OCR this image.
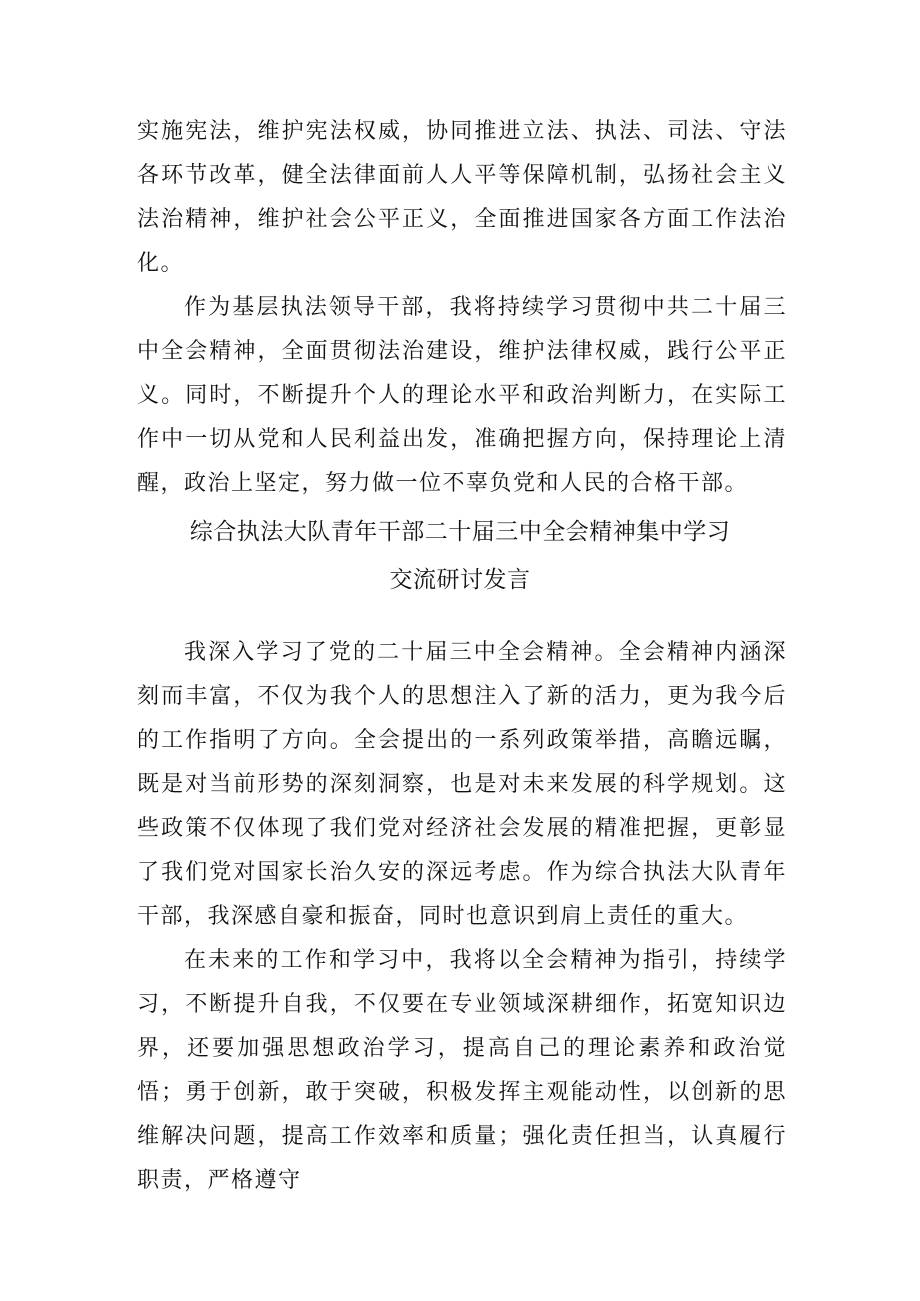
实施宪法，维护宪法权威，协同推进立法、执法、司法、守法各环节改革，健全法律面前人人平等保障机制，弘扬社会主义法治精神，维护社会公平正义，全面推进国家各方面工作法治化。

作为基层执法领导干部，我将持续学习贯彻中共二十届三中全会精神，全面贯彻法治建设，维护法律权威，践行公平正义。同时，不断提升个人的理论水平和政治判断力，在实际工作中一切从党和人民利益出发，准确把握方向，保持理论上清醒，政治上坚定，努力做一位不辜负党和人民的合格干部。

综合执法大队青年干部二十届三中全会精神集中学习
交流研讨发言

我深入学习了党的二十届三中全会精神。全会精神内涵深刻而丰富，不仅为我个人的思想注入了新的活力，更为我今后的工作指明了方向。全会提出的一系列政策举措，高瞻远瞩，既是对当前形势的深刻洞察，也是对未来发展的科学规划。这些政策不仅体现了我们党对经济社会发展的精准把握，更彰显了我们党对国家长治久安的深远考虑。作为综合执法大队青年干部，我深感自豪和振奋，同时也意识到肩上责任的重大。

在未来的工作和学习中，我将以全会精神为指引，持续学习，不断提升自我，不仅要在专业领域深耕细作，拓宽知识边界，还要加强思想政治学习，提高自己的理论素养和政治觉悟；勇于创新，敢于突破，积极发挥主观能动性，以创新的思维解决问题，提高工作效率和质量；强化责任担当，认真履行职责，严格遵守
